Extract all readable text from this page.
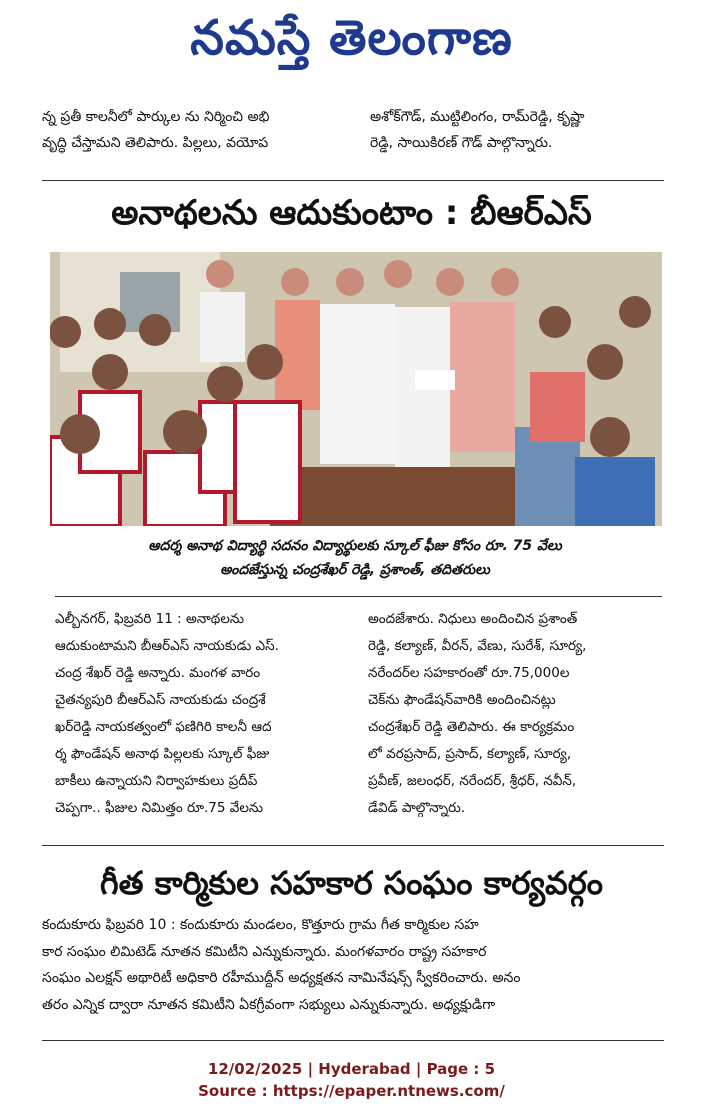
నమస్తే తెలంగాణ
న్న ప్రతీ కాలనీలో పార్కుల ను నిర్మించి అభి
వృద్ధి చేస్తామని తెలిపారు. పిల్లలు, వయోప
అశోక్‌గౌడ్, ముట్టిలింగం, రామ్‌రెడ్డి, కృష్ణా
రెడ్డి, సాయికిరణ్ గౌడ్ పాల్గొన్నారు.
అనాథలను ఆదుకుంటాం : బీఆర్ఎస్
ఆదర్శ అనాథ విద్యార్థి సదనం విద్యార్థులకు స్కూల్ ఫీజు కోసం రూ. 75 వేలు
అందజేస్తున్న చంద్రశేఖర్ రెడ్డి, ప్రశాంత్, తదితరులు
ఎల్బీనగర్, ఫిబ్రవరి 11 : అనాథలను
ఆదుకుంటామని బీఆర్ఎస్ నాయకుడు ఎస్.
చంద్ర శేఖర్ రెడ్డి అన్నారు. మంగళ వారం
చైతన్యపురి బీఆర్ఎస్ నాయకుడు చంద్రశే
ఖర్‌రెడ్డి నాయకత్వంలో ఫణిగిరి కాలనీ ఆద
ర్శ ఫౌండేషన్ అనాథ పిల్లలకు స్కూల్ ఫీజు
బాకీలు ఉన్నాయని నిర్వాహకులు ప్రదీప్
చెప్పగా.. ఫీజుల నిమిత్తం రూ.75 వేలను
అందజేశారు. నిధులు అందించిన ప్రశాంత్
రెడ్డి, కల్యాణ్, వీరన్, వేణు, సురేశ్, సూర్య,
నరేందర్‌ల సహకారంతో రూ.75,000ల
చెక్‌ను ఫౌండేషన్‌వారికి అందించినట్లు
చంద్రశేఖర్ రెడ్డి తెలిపారు. ఈ కార్యక్రమం
లో వరప్రసాద్, ప్రసాద్, కల్యాణ్, సూర్య,
ప్రవీణ్, జలంధర్, నరేందర్, శ్రీధర్, నవీన్,
డేవిడ్ పాల్గొన్నారు.
గీత కార్మికుల సహకార సంఘం కార్యవర్గం
కందుకూరు ఫిబ్రవరి 10 : కందుకూరు మండలం, కొత్తూరు గ్రామ గీత కార్మికుల సహ
కార సంఘం లిమిటెడ్ నూతన కమిటీని ఎన్నుకున్నారు. మంగళవారం రాష్ట్ర సహకార
సంఘం ఎలక్షన్ అథారిటీ అధికారి రహీముద్దీన్ అధ్యక్షతన నామినేషన్స్ స్వీకరించారు. అనం
తరం ఎన్నిక ద్వారా నూతన కమిటీని ఏకగ్రీవంగా సభ్యులు ఎన్నుకున్నారు. అధ్యక్షుడిగా
12/02/2025 | Hyderabad | Page : 5
Source : https://epaper.ntnews.com/
